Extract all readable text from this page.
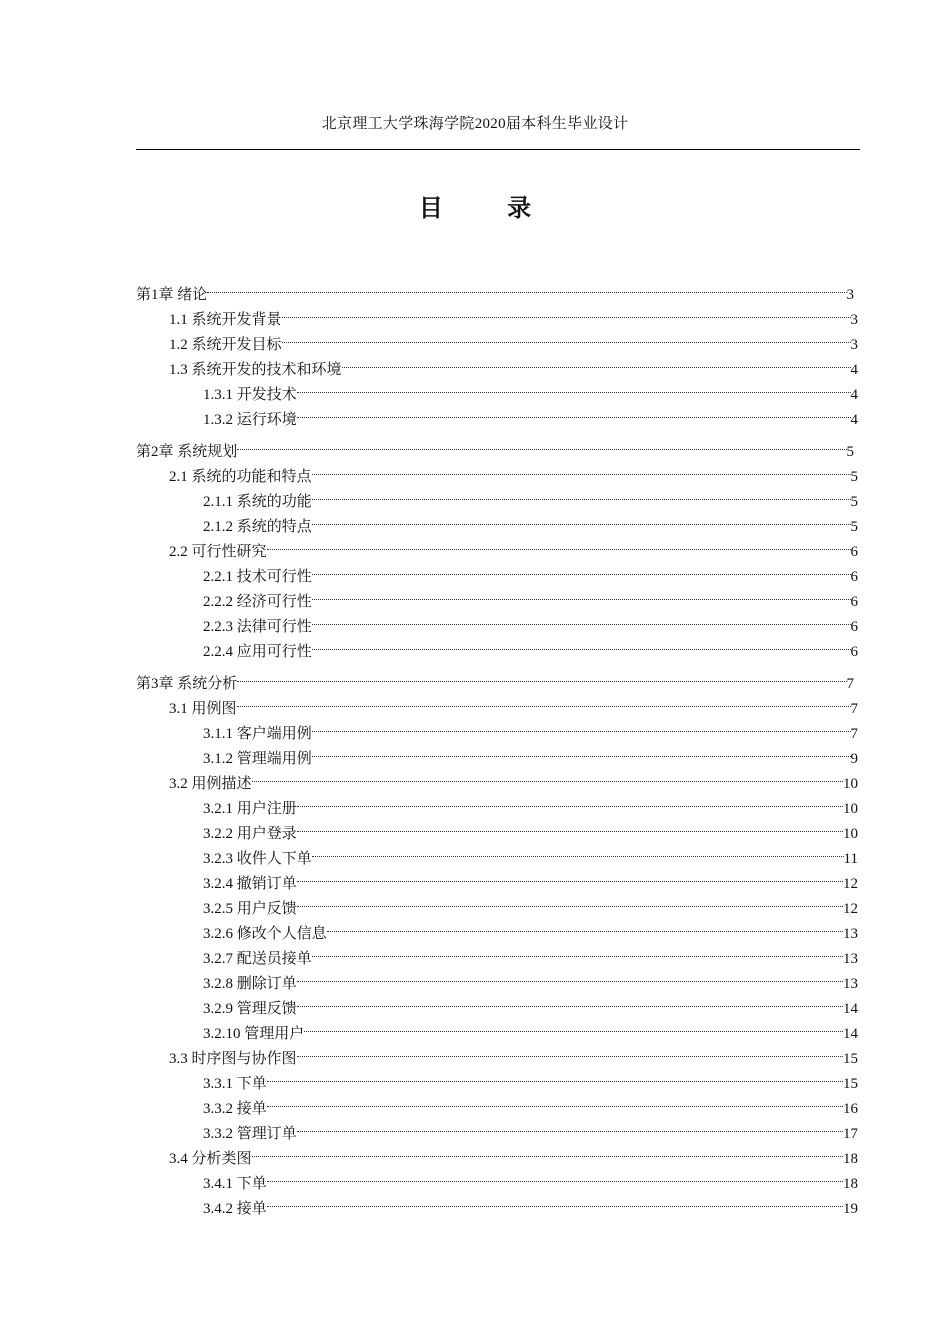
北京理工大学珠海学院2020届本科生毕业设计
目 录
第1章 绪论	3
1.1 系统开发背景	3
1.2 系统开发目标	3
1.3 系统开发的技术和环境	4
1.3.1 开发技术	4
1.3.2 运行环境	4
第2章 系统规划	5
2.1 系统的功能和特点	5
2.1.1 系统的功能	5
2.1.2 系统的特点	5
2.2 可行性研究	6
2.2.1 技术可行性	6
2.2.2 经济可行性	6
2.2.3 法律可行性	6
2.2.4 应用可行性	6
第3章 系统分析	7
3.1 用例图	7
3.1.1 客户端用例	7
3.1.2 管理端用例	9
3.2 用例描述	10
3.2.1 用户注册	10
3.2.2 用户登录	10
3.2.3 收件人下单	11
3.2.4 撤销订单	12
3.2.5 用户反馈	12
3.2.6 修改个人信息	13
3.2.7 配送员接单	13
3.2.8 删除订单	13
3.2.9 管理反馈	14
3.2.10 管理用户	14
3.3 时序图与协作图	15
3.3.1 下单	15
3.3.2 接单	16
3.3.2 管理订单	17
3.4 分析类图	18
3.4.1 下单	18
3.4.2 接单	19
